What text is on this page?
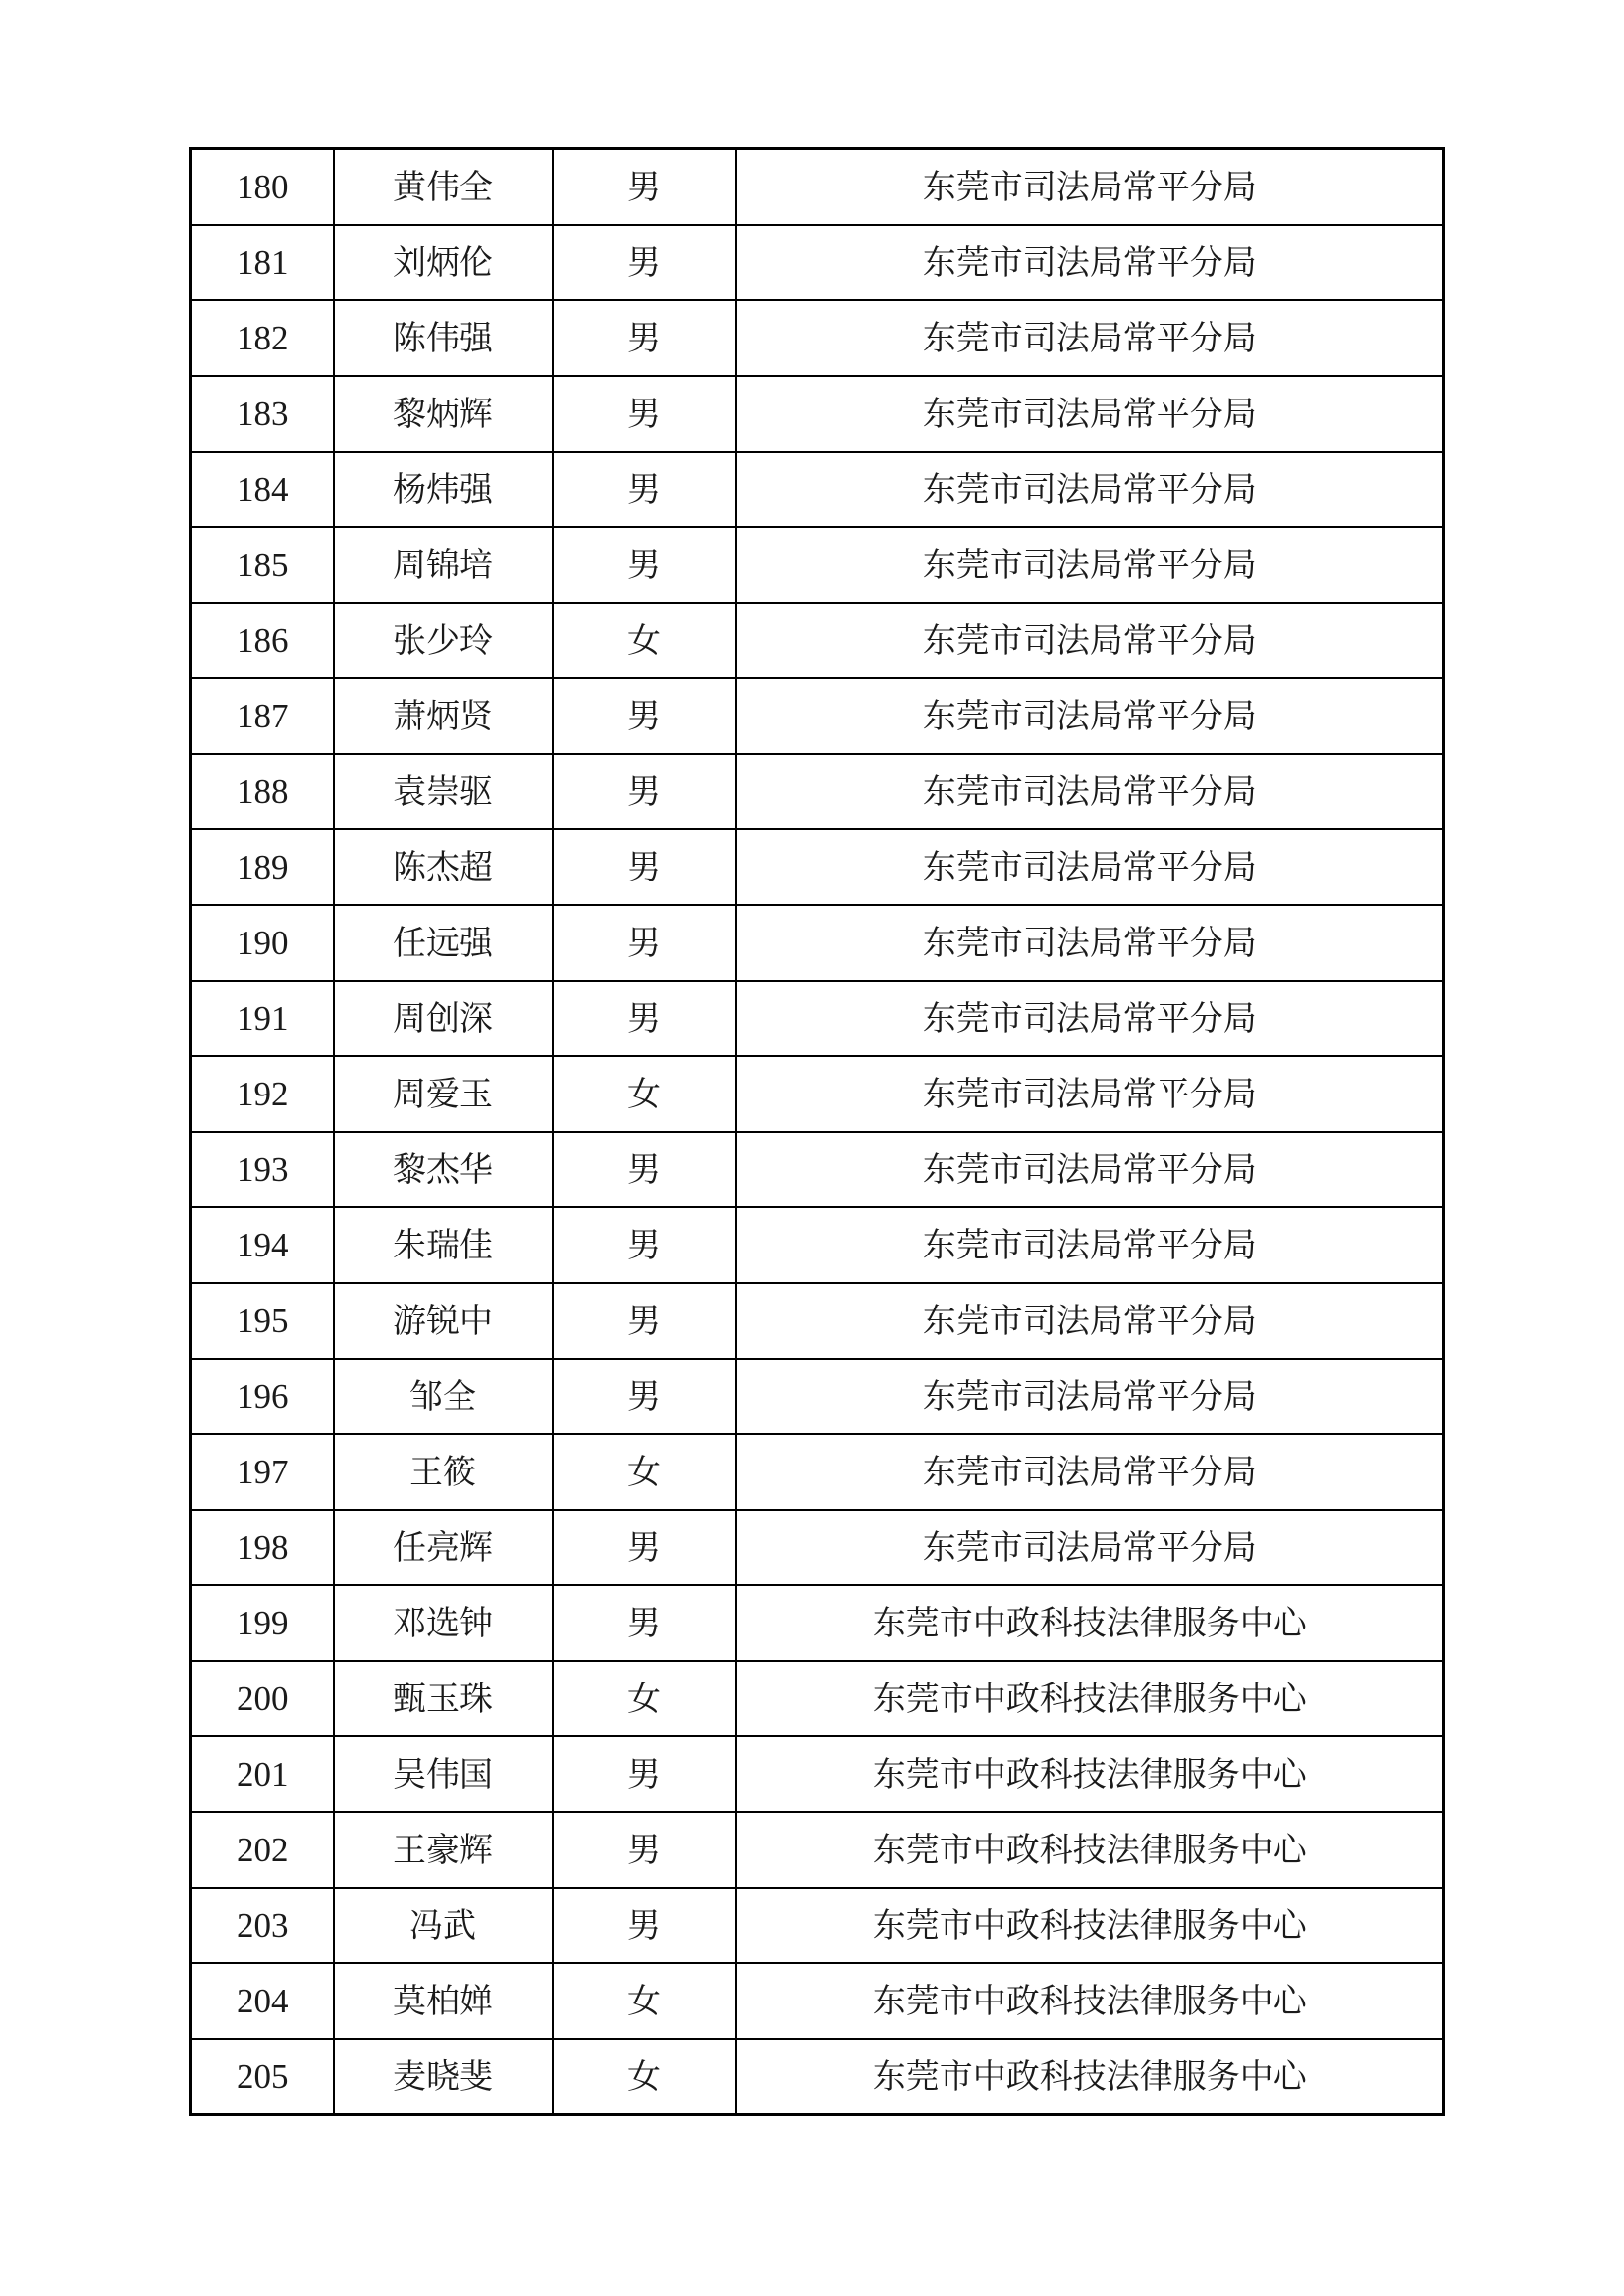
180	黄伟全	男	东莞市司法局常平分局
181	刘炳伦	男	东莞市司法局常平分局
182	陈伟强	男	东莞市司法局常平分局
183	黎炳辉	男	东莞市司法局常平分局
184	杨炜强	男	东莞市司法局常平分局
185	周锦培	男	东莞市司法局常平分局
186	张少玲	女	东莞市司法局常平分局
187	萧炳贤	男	东莞市司法局常平分局
188	袁崇驱	男	东莞市司法局常平分局
189	陈杰超	男	东莞市司法局常平分局
190	任远强	男	东莞市司法局常平分局
191	周创深	男	东莞市司法局常平分局
192	周爱玉	女	东莞市司法局常平分局
193	黎杰华	男	东莞市司法局常平分局
194	朱瑞佳	男	东莞市司法局常平分局
195	游锐中	男	东莞市司法局常平分局
196	邹全	男	东莞市司法局常平分局
197	王筱	女	东莞市司法局常平分局
198	任亮辉	男	东莞市司法局常平分局
199	邓选钟	男	东莞市中政科技法律服务中心
200	甄玉珠	女	东莞市中政科技法律服务中心
201	吴伟国	男	东莞市中政科技法律服务中心
202	王豪辉	男	东莞市中政科技法律服务中心
203	冯武	男	东莞市中政科技法律服务中心
204	莫柏婵	女	东莞市中政科技法律服务中心
205	麦晓斐	女	东莞市中政科技法律服务中心
